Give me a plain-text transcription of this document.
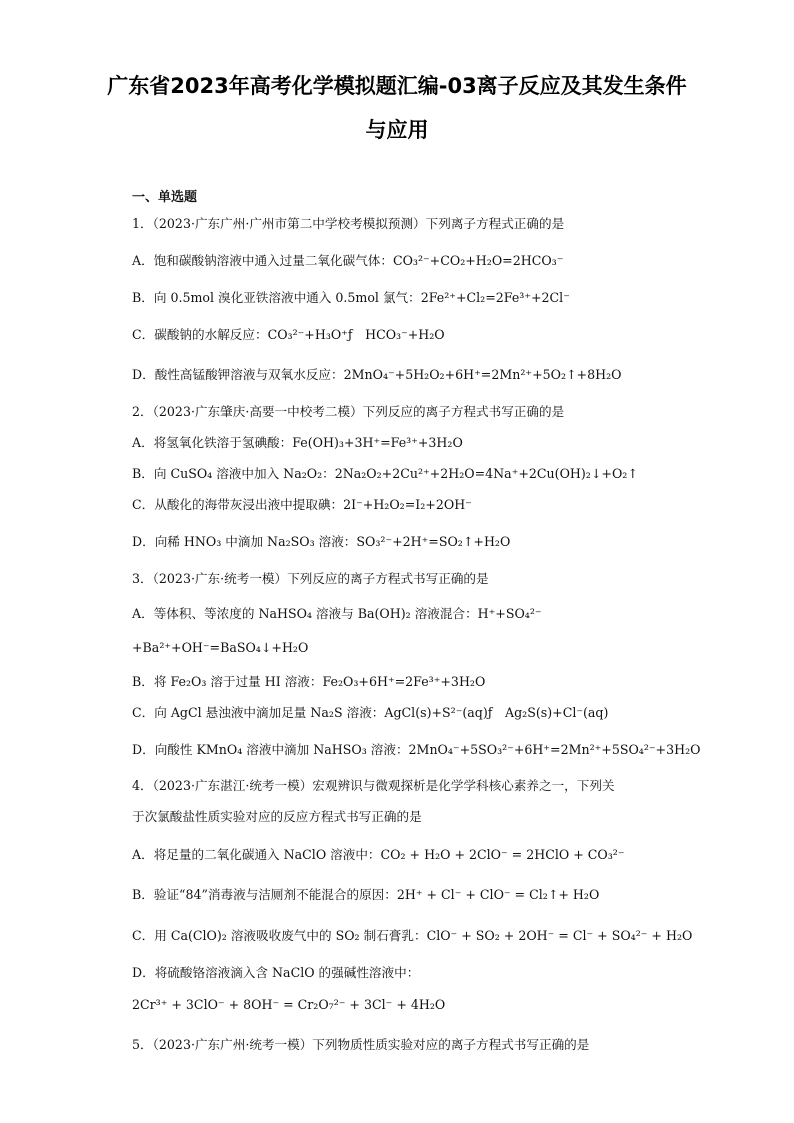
广东省2023年高考化学模拟题汇编-03离子反应及其发生条件与应用
一、单选题
1．（2023·广东广州·广州市第二中学校考模拟预测）下列离子方程式正确的是
A．饱和碳酸钠溶液中通入过量二氧化碳气体：CO₃²⁻+CO₂+H₂O=2HCO₃⁻
B．向 0.5mol 溴化亚铁溶液中通入 0.5mol 氯气：2Fe²⁺+Cl₂=2Fe³⁺+2Cl⁻
C．碳酸钠的水解反应：CO₃²⁻+H₃O⁺ƒ　HCO₃⁻+H₂O
D．酸性高锰酸钾溶液与双氧水反应：2MnO₄⁻+5H₂O₂+6H⁺=2Mn²⁺+5O₂↑+8H₂O
2．（2023·广东肇庆·高要一中校考二模）下列反应的离子方程式书写正确的是
A．将氢氧化铁溶于氢碘酸：Fe(OH)₃+3H⁺=Fe³⁺+3H₂O
B．向 CuSO₄ 溶液中加入 Na₂O₂：2Na₂O₂+2Cu²⁺+2H₂O=4Na⁺+2Cu(OH)₂↓+O₂↑
C．从酸化的海带灰浸出液中提取碘：2I⁻+H₂O₂=I₂+2OH⁻
D．向稀 HNO₃ 中滴加 Na₂SO₃ 溶液：SO₃²⁻+2H⁺=SO₂↑+H₂O
3．（2023·广东·统考一模）下列反应的离子方程式书写正确的是
A．等体积、等浓度的 NaHSO₄ 溶液与 Ba(OH)₂ 溶液混合：H⁺+SO₄²⁻
+Ba²⁺+OH⁻=BaSO₄↓+H₂O
B．将 Fe₂O₃ 溶于过量 HI 溶液：Fe₂O₃+6H⁺=2Fe³⁺+3H₂O
C．向 AgCl 悬浊液中滴加足量 Na₂S 溶液：AgCl(s)+S²⁻(aq)ƒ　Ag₂S(s)+Cl⁻(aq)
D．向酸性 KMnO₄ 溶液中滴加 NaHSO₃ 溶液：2MnO₄⁻+5SO₃²⁻+6H⁺=2Mn²⁺+5SO₄²⁻+3H₂O
4．（2023·广东湛江·统考一模）宏观辨识与微观探析是化学学科核心素养之一，下列关
于次氯酸盐性质实验对应的反应方程式书写正确的是
A．将足量的二氧化碳通入 NaClO 溶液中：CO₂ + H₂O + 2ClO⁻ = 2HClO + CO₃²⁻
B．验证“84”消毒液与洁厕剂不能混合的原因：2H⁺ + Cl⁻ + ClO⁻ = Cl₂↑+ H₂O
C．用 Ca(ClO)₂ 溶液吸收废气中的 SO₂ 制石膏乳：ClO⁻ + SO₂ + 2OH⁻ = Cl⁻ + SO₄²⁻ + H₂O
D．将硫酸铬溶液滴入含 NaClO 的强碱性溶液中：
2Cr³⁺ + 3ClO⁻ + 8OH⁻ = Cr₂O₇²⁻ + 3Cl⁻ + 4H₂O
5．（2023·广东广州·统考一模）下列物质性质实验对应的离子方程式书写正确的是
